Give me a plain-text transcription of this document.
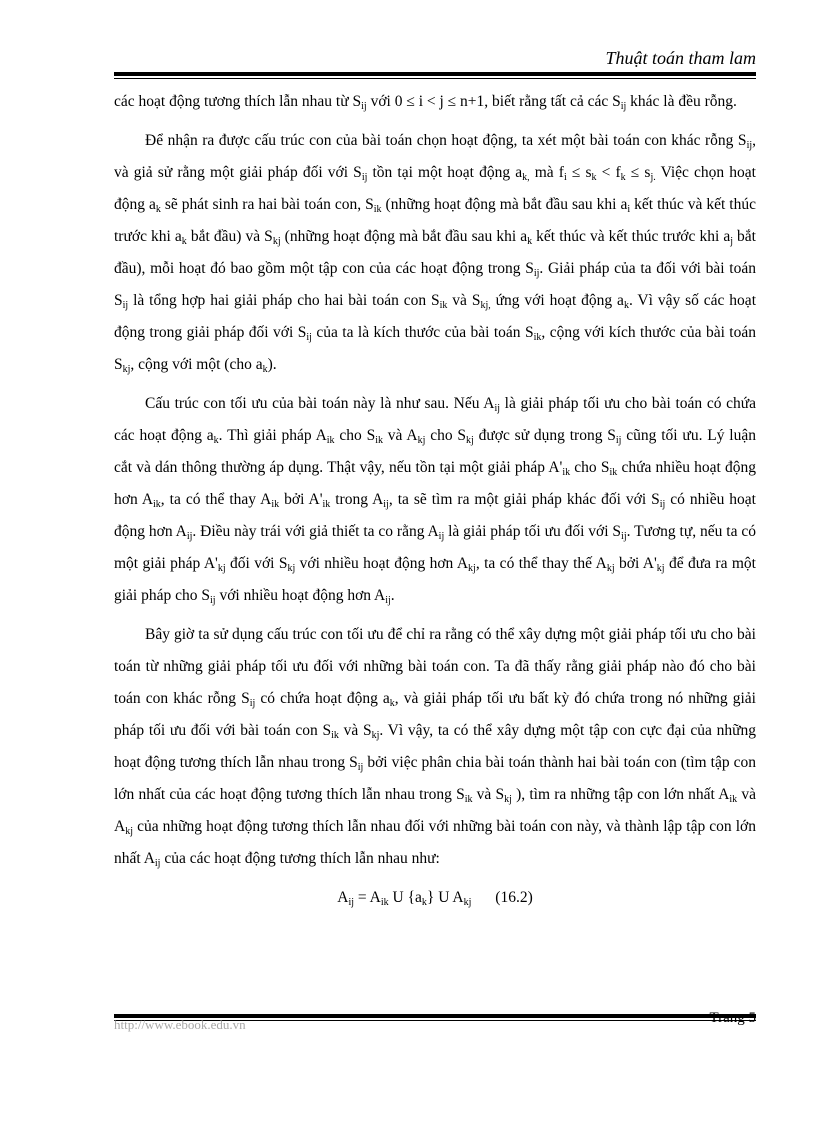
Thuật toán tham lam

các hoạt động tương thích lẫn nhau từ $S_{ij}$ với 0 ≤ i < j ≤ n+1, biết rằng tất cả các $S_{ij}$ khác là đều rỗng.

Để nhận ra được cấu trúc con của bài toán chọn hoạt động, ta xét một bài toán con khác rỗng $S_{ij}$, và giả sử rằng một giải pháp đối với $S_{ij}$ tồn tại một hoạt động $a_{k,}$ mà $f_i \le s_k < f_k \le s_{j.}$ Việc chọn hoạt động $a_k$ sẽ phát sinh ra hai bài toán con, $S_{ik}$ (những hoạt động mà bắt đầu sau khi $a_i$ kết thúc và kết thúc trước khi $a_k$ bắt đầu) và $S_{kj}$ (những hoạt động mà bắt đầu sau khi $a_k$ kết thúc và kết thúc trước khi $a_j$ bắt đầu), mỗi hoạt đó bao gồm một tập con của các hoạt động trong $S_{ij}$. Giải pháp của ta đối với bài toán $S_{ij}$ là tổng hợp hai giải pháp cho hai bài toán con $S_{ik}$ và $S_{kj,}$ ứng với hoạt động $a_k$. Vì vậy số các hoạt động trong giải pháp đối với $S_{ij}$ của ta là kích thước của bài toán $S_{ik}$, cộng với kích thước của bài toán $S_{kj}$, cộng với một (cho $a_k$).

Cấu trúc con tối ưu của bài toán này là như sau. Nếu $A_{ij}$ là giải pháp tối ưu cho bài toán có chứa các hoạt động $a_k$. Thì giải pháp $A_{ik}$ cho $S_{ik}$ và $A_{kj}$ cho $S_{kj}$ được sử dụng trong $S_{ij}$ cũng tối ưu. Lý luận cắt và dán thông thường áp dụng. Thật vậy, nếu tồn tại một giải pháp $A'_{ik}$ cho $S_{ik}$ chứa nhiều hoạt động hơn $A_{ik}$, ta có thể thay $A_{ik}$ bởi $A'_{ik}$ trong $A_{ij}$, ta sẽ tìm ra một giải pháp khác đối với $S_{ij}$ có nhiều hoạt động hơn $A_{ij}$. Điều này trái với giả thiết ta co rằng $A_{ij}$ là giải pháp tối ưu đối với $S_{ij}$. Tương tự, nếu ta có một giải pháp $A'_{kj}$ đối với $S_{kj}$ với nhiều hoạt động hơn $A_{kj}$, ta có thể thay thế $A_{kj}$ bởi $A'_{kj}$ để đưa ra một giải pháp cho $S_{ij}$ với nhiều hoạt động hơn $A_{ij}$.

Bây giờ ta sử dụng cấu trúc con tối ưu để chỉ ra rằng có thể xây dựng một giải pháp tối ưu cho bài toán từ những giải pháp tối ưu đối với những bài toán con. Ta đã thấy rằng giải pháp nào đó cho bài toán con khác rỗng $S_{ij}$ có chứa hoạt động $a_k$, và giải pháp tối ưu bất kỳ đó chứa trong nó những giải pháp tối ưu đối với bài toán con $S_{ik}$ và $S_{kj}$. Vì vậy, ta có thể xây dựng một tập con cực đại của những hoạt động tương thích lẫn nhau trong $S_{ij}$ bởi việc phân chia bài toán thành hai bài toán con (tìm tập con lớn nhất của các hoạt động tương thích lẫn nhau trong $S_{ik}$ và $S_{kj}$ ), tìm ra những tập con lớn nhất $A_{ik}$ và $A_{kj}$ của những hoạt động tương thích lẫn nhau đối với những bài toán con này, và thành lập tập con lớn nhất $A_{ij}$ của các hoạt động tương thích lẫn nhau như:

$A_{ij} = A_{ik}$ U $\{a_k\}$ U $A_{kj}$ (16.2)

http://www.ebook.edu.vn	Trang 5
